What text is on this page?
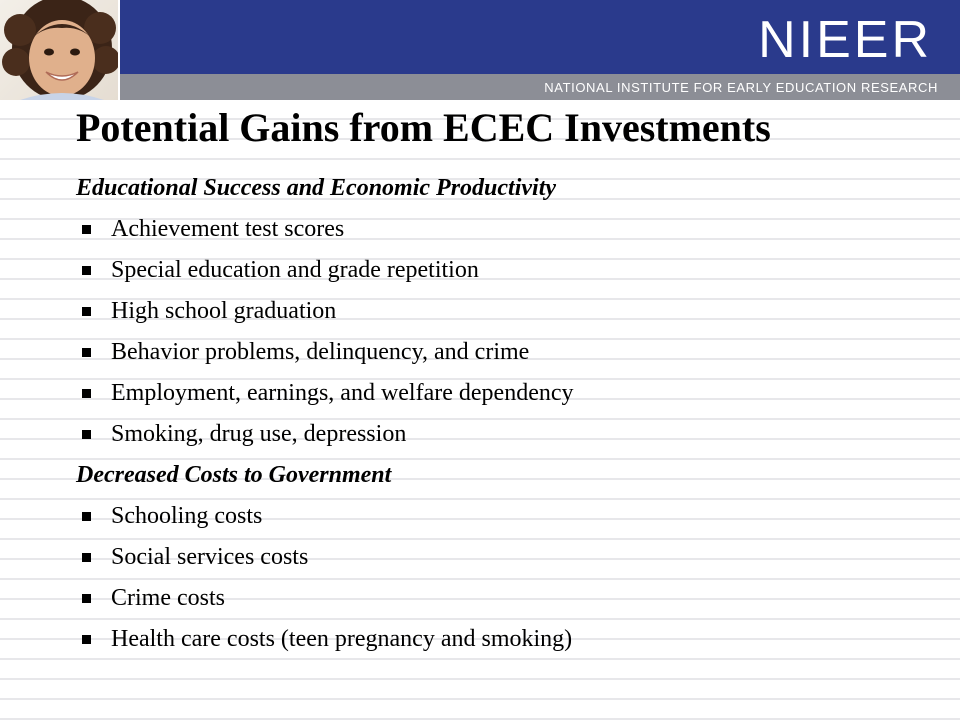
NIEER
NATIONAL INSTITUTE FOR EARLY EDUCATION RESEARCH
Potential Gains from ECEC Investments
Educational Success and Economic Productivity
Achievement test scores
Special education and grade repetition
High school graduation
Behavior problems, delinquency, and crime
Employment, earnings, and welfare dependency
Smoking, drug use, depression
Decreased Costs to Government
Schooling costs
Social services costs
Crime costs
Health care costs (teen pregnancy and smoking)
